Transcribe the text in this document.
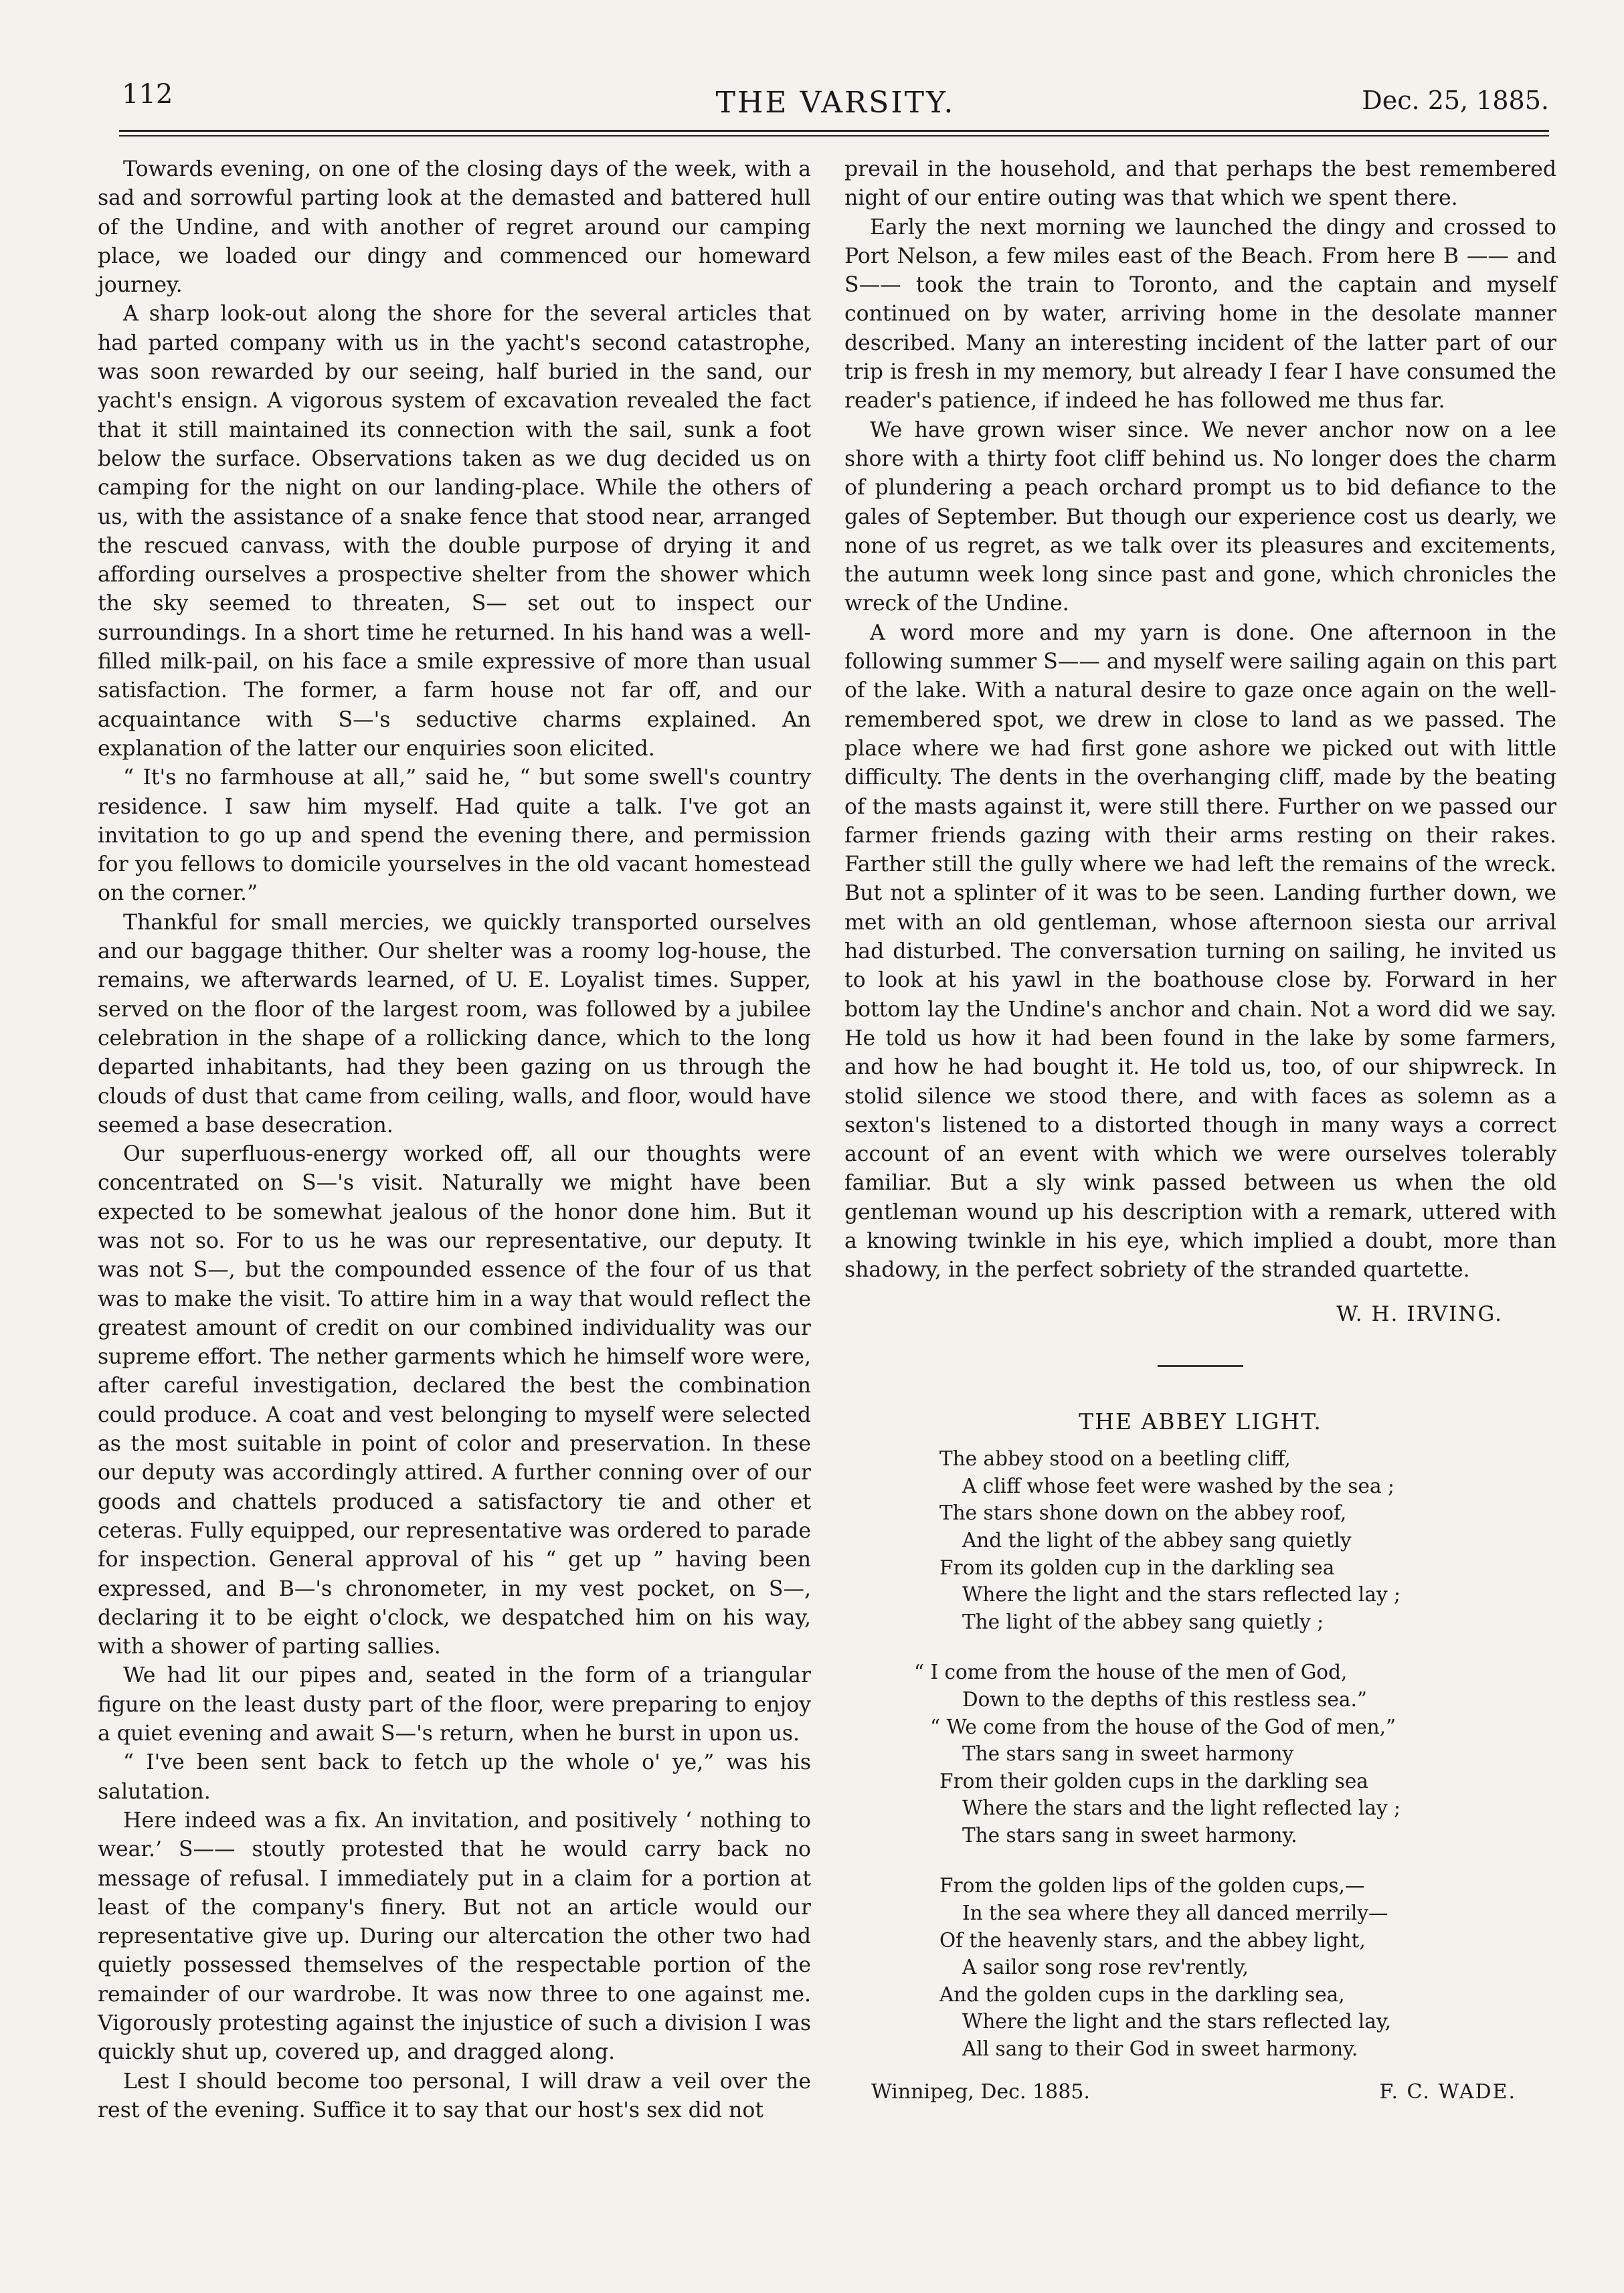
112	THE VARSITY.	Dec. 25, 1885.

Towards evening, on one of the closing days of the week, with a sad and sorrowful parting look at the demasted and battered hull of the Undine, and with another of regret around our camping place, we loaded our dingy and commenced our homeward journey.

A sharp look-out along the shore for the several articles that had parted company with us in the yacht's second catastrophe, was soon rewarded by our seeing, half buried in the sand, our yacht's ensign. A vigorous system of excavation revealed the fact that it still maintained its connection with the sail, sunk a foot below the surface. Observations taken as we dug decided us on camping for the night on our landing-place. While the others of us, with the assistance of a snake fence that stood near, arranged the rescued canvass, with the double purpose of drying it and affording ourselves a prospective shelter from the shower which the sky seemed to threaten, S— set out to inspect our surroundings. In a short time he returned. In his hand was a well-filled milk-pail, on his face a smile expressive of more than usual satisfaction. The former, a farm house not far off, and our acquaintance with S—'s seductive charms explained. An explanation of the latter our enquiries soon elicited.

“ It's no farmhouse at all,” said he, “ but some swell's country residence. I saw him myself. Had quite a talk. I've got an invitation to go up and spend the evening there, and permission for you fellows to domicile yourselves in the old vacant homestead on the corner.”

Thankful for small mercies, we quickly transported ourselves and our baggage thither. Our shelter was a roomy log-house, the remains, we afterwards learned, of U. E. Loyalist times. Supper, served on the floor of the largest room, was followed by a jubilee celebration in the shape of a rollicking dance, which to the long departed inhabitants, had they been gazing on us through the clouds of dust that came from ceiling, walls, and floor, would have seemed a base desecration.

Our superfluous-energy worked off, all our thoughts were concentrated on S—'s visit. Naturally we might have been expected to be somewhat jealous of the honor done him. But it was not so. For to us he was our representative, our deputy. It was not S—, but the compounded essence of the four of us that was to make the visit. To attire him in a way that would reflect the greatest amount of credit on our combined individuality was our supreme effort. The nether garments which he himself wore were, after careful investigation, declared the best the combination could produce. A coat and vest belonging to myself were selected as the most suitable in point of color and preservation. In these our deputy was accordingly attired. A further conning over of our goods and chattels produced a satisfactory tie and other et ceteras. Fully equipped, our representative was ordered to parade for inspection. General approval of his “ get up ” having been expressed, and B—'s chronometer, in my vest pocket, on S—, declaring it to be eight o'clock, we despatched him on his way, with a shower of parting sallies.

We had lit our pipes and, seated in the form of a triangular figure on the least dusty part of the floor, were preparing to enjoy a quiet evening and await S—'s return, when he burst in upon us.

“ I've been sent back to fetch up the whole o' ye,” was his salutation.

Here indeed was a fix. An invitation, and positively ‘ nothing to wear.’ S—— stoutly protested that he would carry back no message of refusal. I immediately put in a claim for a portion at least of the company's finery. But not an article would our representative give up. During our altercation the other two had quietly possessed themselves of the respectable portion of the remainder of our wardrobe. It was now three to one against me. Vigorously protesting against the injustice of such a division I was quickly shut up, covered up, and dragged along.

Lest I should become too personal, I will draw a veil over the rest of the evening. Suffice it to say that our host's sex did not

prevail in the household, and that perhaps the best remembered night of our entire outing was that which we spent there.

Early the next morning we launched the dingy and crossed to Port Nelson, a few miles east of the Beach. From here B —— and S—— took the train to Toronto, and the captain and myself continued on by water, arriving home in the desolate manner described. Many an interesting incident of the latter part of our trip is fresh in my memory, but already I fear I have consumed the reader's patience, if indeed he has followed me thus far.

We have grown wiser since. We never anchor now on a lee shore with a thirty foot cliff behind us. No longer does the charm of plundering a peach orchard prompt us to bid defiance to the gales of September. But though our experience cost us dearly, we none of us regret, as we talk over its pleasures and excitements, the autumn week long since past and gone, which chronicles the wreck of the Undine.

A word more and my yarn is done. One afternoon in the following summer S—— and myself were sailing again on this part of the lake. With a natural desire to gaze once again on the well-remembered spot, we drew in close to land as we passed. The place where we had first gone ashore we picked out with little difficulty. The dents in the overhanging cliff, made by the beating of the masts against it, were still there. Further on we passed our farmer friends gazing with their arms resting on their rakes. Farther still the gully where we had left the remains of the wreck. But not a splinter of it was to be seen. Landing further down, we met with an old gentleman, whose afternoon siesta our arrival had disturbed. The conversation turning on sailing, he invited us to look at his yawl in the boathouse close by. Forward in her bottom lay the Undine's anchor and chain. Not a word did we say. He told us how it had been found in the lake by some farmers, and how he had bought it. He told us, too, of our shipwreck. In stolid silence we stood there, and with faces as solemn as a sexton's listened to a distorted though in many ways a correct account of an event with which we were ourselves tolerably familiar. But a sly wink passed between us when the old gentleman wound up his description with a remark, uttered with a knowing twinkle in his eye, which implied a doubt, more than shadowy, in the perfect sobriety of the stranded quartette.

W. H. IRVING.
THE ABBEY LIGHT.
The abbey stood on a beetling cliff,
A cliff whose feet were washed by the sea ;
The stars shone down on the abbey roof,
And the light of the abbey sang quietly
From its golden cup in the darkling sea
Where the light and the stars reflected lay ;
The light of the abbey sang quietly ;
“ I come from the house of the men of God,
Down to the depths of this restless sea.”
“ We come from the house of the God of men,”
The stars sang in sweet harmony
From their golden cups in the darkling sea
Where the stars and the light reflected lay ;
The stars sang in sweet harmony.
From the golden lips of the golden cups,—
In the sea where they all danced merrily—
Of the heavenly stars, and the abbey light,
A sailor song rose rev'rently,
And the golden cups in the darkling sea,
Where the light and the stars reflected lay,
All sang to their God in sweet harmony.
Winnipeg, Dec. 1885.	F. C. WADE.
